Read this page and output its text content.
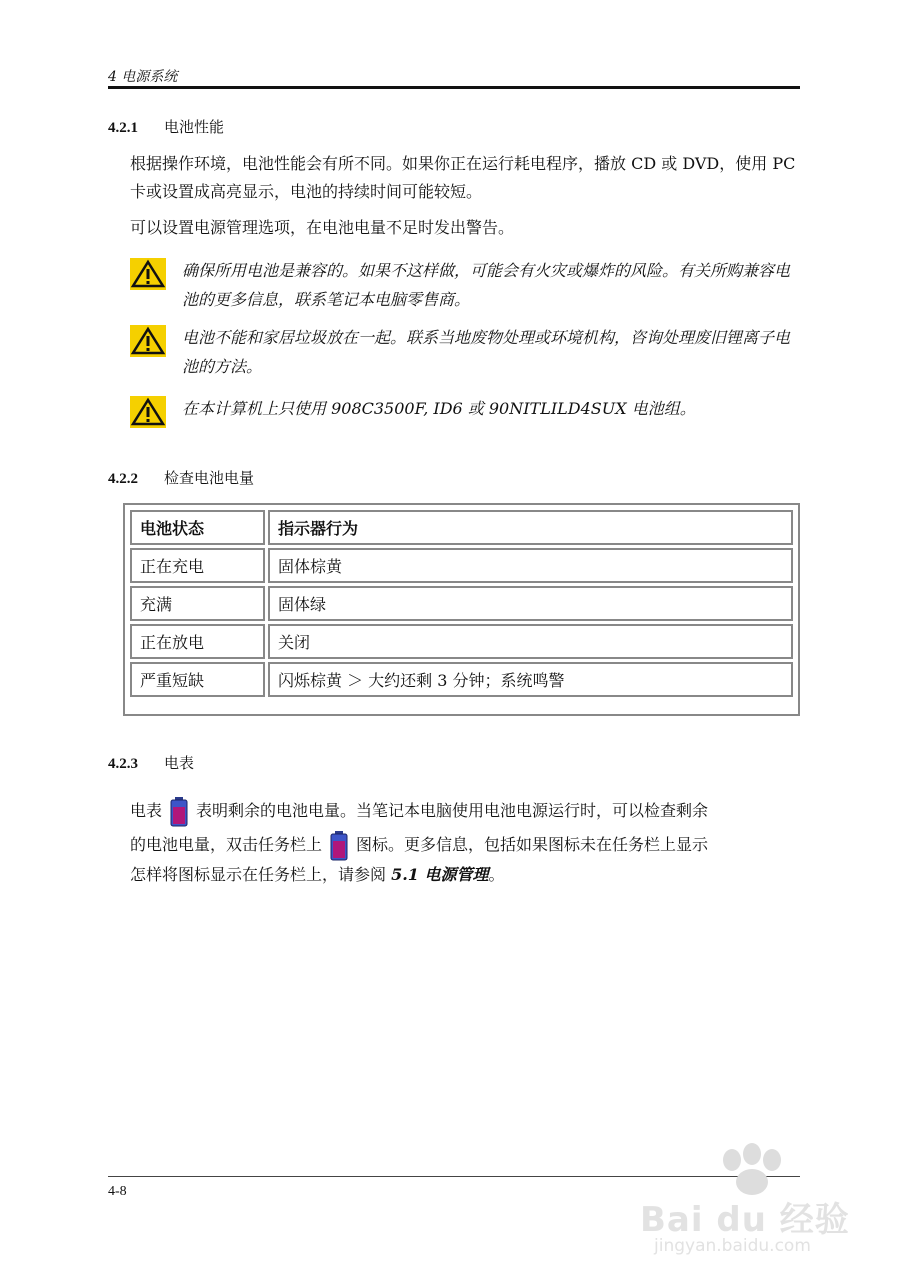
4 电源系统
4.2.1 电池性能
根据操作环境，电池性能会有所不同。如果你正在运行耗电程序，播放 CD 或 DVD，使用 PC 卡或设置成高亮显示，电池的持续时间可能较短。
可以设置电源管理选项，在电池电量不足时发出警告。
确保所用电池是兼容的。如果不这样做，可能会有火灾或爆炸的风险。有关所购兼容电池的更多信息，联系笔记本电脑零售商。
电池不能和家居垃圾放在一起。联系当地废物处理或环境机构，咨询处理废旧锂离子电池的方法。
在本计算机上只使用 908C3500F, ID6 或 90NITLILD4SUX 电池组。
4.2.2 检查电池电量
电池状态	指示器行为
正在充电	固体棕黄
充满	固体绿
正在放电	关闭
严重短缺	闪烁棕黄 ＞ 大约还剩 3 分钟；系统鸣警
4.2.3 电表
电表 表明剩余的电池电量。当笔记本电脑使用电池电源运行时，可以检查剩余
的电池电量，双击任务栏上 图标。更多信息，包括如果图标未在任务栏上显示
怎样将图标显示在任务栏上，请参阅 5.1 电源管理。
4-8
Bai du 经验
jingyan.baidu.com
